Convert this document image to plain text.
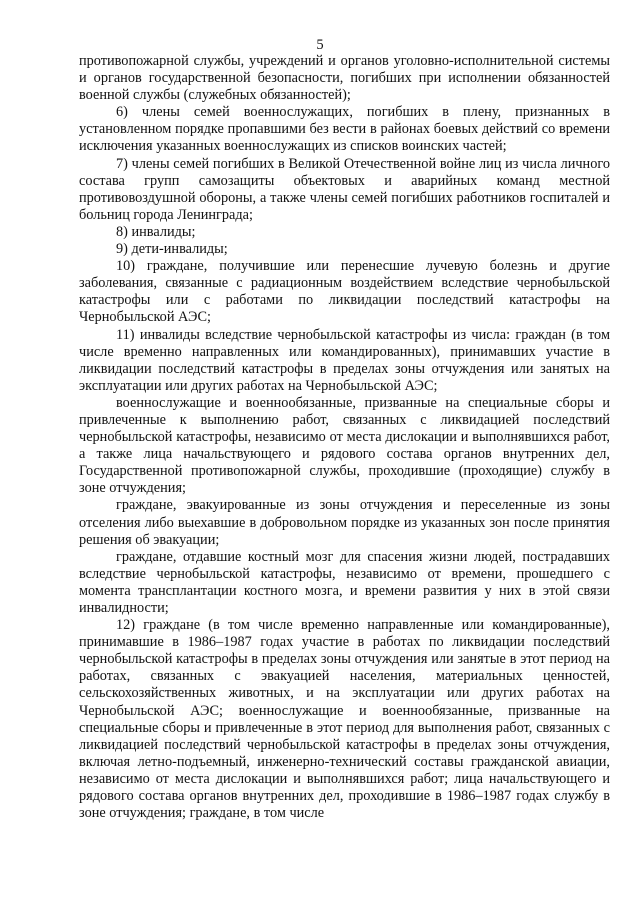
5

противопожарной службы, учреждений и органов уголовно-исполнительной системы и органов государственной безопасности, погибших при исполнении обязанностей военной службы (служебных обязанностей);

6) члены семей военнослужащих, погибших в плену, признанных в установленном порядке пропавшими без вести в районах боевых действий со времени исключения указанных военнослужащих из списков воинских частей;

7) члены семей погибших в Великой Отечественной войне лиц из числа личного состава групп самозащиты объектовых и аварийных команд местной противовоздушной обороны, а также члены семей погибших работников госпиталей и больниц города Ленинграда;

8) инвалиды;

9) дети-инвалиды;

10) граждане, получившие или перенесшие лучевую болезнь и другие заболевания, связанные с радиационным воздействием вследствие чернобыльской катастрофы или с работами по ликвидации последствий катастрофы на Чернобыльской АЭС;

11) инвалиды вследствие чернобыльской катастрофы из числа: граждан (в том числе временно направленных или командированных), принимавших участие в ликвидации последствий катастрофы в пределах зоны отчуждения или занятых на эксплуатации или других работах на Чернобыльской АЭС;

военнослужащие и военнообязанные, призванные на специальные сборы и привлеченные к выполнению работ, связанных с ликвидацией последствий чернобыльской катастрофы, независимо от места дислокации и выполнявшихся работ, а также лица начальствующего и рядового состава органов внутренних дел, Государственной противопожарной службы, проходившие (проходящие) службу в зоне отчуждения;

граждане, эвакуированные из зоны отчуждения и переселенные из зоны отселения либо выехавшие в добровольном порядке из указанных зон после принятия решения об эвакуации;

граждане, отдавшие костный мозг для спасения жизни людей, пострадавших вследствие чернобыльской катастрофы, независимо от времени, прошедшего с момента трансплантации костного мозга, и времени развития у них в этой связи инвалидности;

12) граждане (в том числе временно направленные или командированные), принимавшие в 1986–1987 годах участие в работах по ликвидации последствий чернобыльской катастрофы в пределах зоны отчуждения или занятые в этот период на работах, связанных с эвакуацией населения, материальных ценностей, сельскохозяйственных животных, и на эксплуатации или других работах на Чернобыльской АЭС; военнослужащие и военнообязанные, призванные на специальные сборы и привлеченные в этот период для выполнения работ, связанных с ликвидацией последствий чернобыльской катастрофы в пределах зоны отчуждения, включая летно-подъемный, инженерно-технический составы гражданской авиации, независимо от места дислокации и выполнявшихся работ; лица начальствующего и рядового состава органов внутренних дел, проходившие в 1986–1987 годах службу в зоне отчуждения; граждане, в том числе
